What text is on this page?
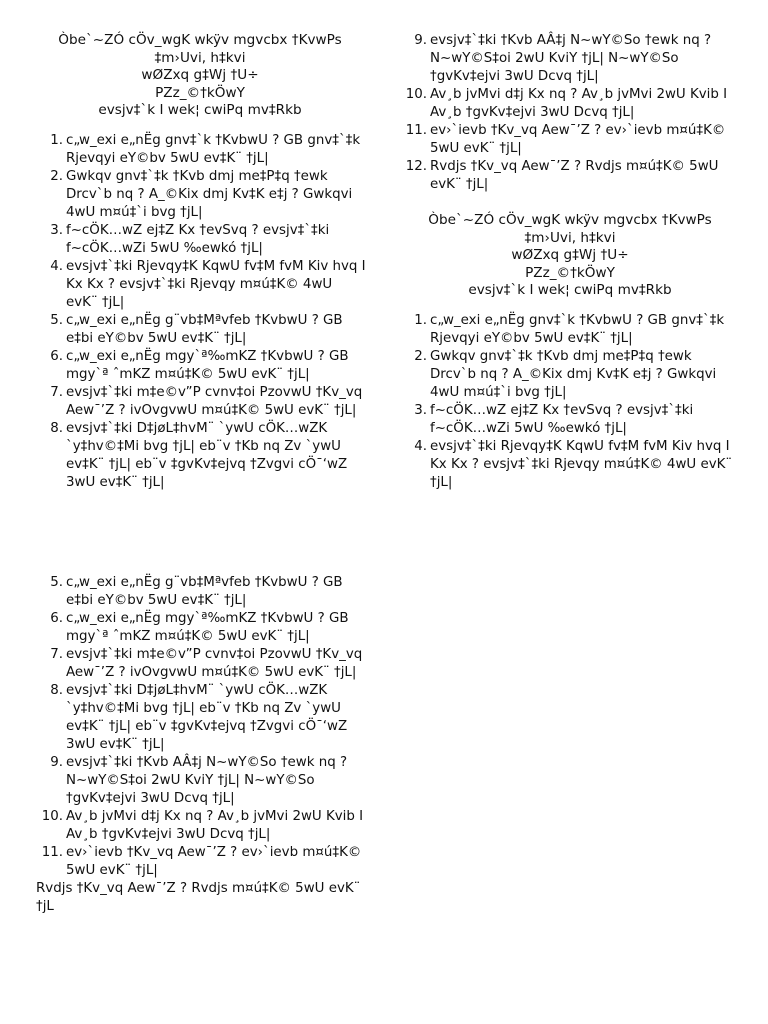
Òbe`~ZÓ cÖv_wgK wkÿv mgvcbx †KvwPs
‡m›Uvi, h‡kvi
wØZxq g‡Wj †U÷
PZz_©†kÖwY
evsjv‡`k I wek¦ cwiPq mv‡Rkb
1. c„w_exi e„nËg gnv‡`k †KvbwU ? GB gnv‡`‡k Rjevqyi eY©bv 5wU ev‡K¨ †jL|
2. Gwkqv gnv‡`‡k †Kvb dmj me‡P‡q †ewk Drcv`b nq ? A_©Kix dmj Kv‡K e‡j ? Gwkqvi 4wU m¤ú‡`i bvg †jL|
3. f~cÖK…wZ ej‡Z Kx †evSvq ? evsjv‡`‡ki f~cÖK…wZi 5wU ‰ewkó †jL|
4. evsjv‡`‡ki Rjevqy‡K KqwU fv‡M fvM Kiv hvq I Kx Kx ? evsjv‡`‡ki Rjevqy m¤ú‡K© 4wU evK¨ †jL|
5. c„w_exi e„nËg g¨vb‡Mªvfeb †KvbwU ? GB e‡bi eY©bv 5wU ev‡K¨ †jL|
6. c„w_exi e„nËg mgy`ª‰mKZ †KvbwU ? GB mgy`ª ˆmKZ m¤ú‡K© 5wU evK¨ †jL|
7. evsjv‡`‡ki m‡e©v”P cvnv‡oi PzovwU †Kv_vq Aew¯’Z ? ivOvgvwU m¤ú‡K© 5wU evK¨ †jL|
8. evsjv‡`‡ki D‡jøL‡hvM¨ `ywU cÖK…wZK `y‡hv©‡Mi bvg †jL| eb¨v †Kb nq Zv `ywU ev‡K¨ †jL| eb¨v ‡gvKv‡ejvq †Zvgvi cÖ¯‘wZ 3wU ev‡K¨ †jL|
9. evsjv‡`‡ki †Kvb AÂ‡j N~wY©So †ewk nq ? N~wY©S‡oi 2wU KviY †jL| N~wY©So †gvKv‡ejvi 3wU Dcvq †jL|
10. Av¸b jvMvi d‡j Kx nq ? Av¸b jvMvi 2wU Kvib I Av¸b †gvKv‡ejvi 3wU Dcvq †jL|
11. ev›`ievb †Kv_vq Aew¯’Z ? ev›`ievb m¤ú‡K© 5wU evK¨ †jL|
12. Rvdjs †Kv_vq Aew¯’Z ? Rvdjs m¤ú‡K© 5wU evK¨ †jL|
Òbe`~ZÓ cÖv_wgK wkÿv mgvcbx †KvwPs
‡m›Uvi, h‡kvi
wØZxq g‡Wj †U÷
PZz_©†kÖwY
evsjv‡`k I wek¦ cwiPq mv‡Rkb
1. c„w_exi e„nËg gnv‡`k †KvbwU ? GB gnv‡`‡k Rjevqyi eY©bv 5wU ev‡K¨ †jL|
2. Gwkqv gnv‡`‡k †Kvb dmj me‡P‡q †ewk Drcv`b nq ? A_©Kix dmj Kv‡K e‡j ? Gwkqvi 4wU m¤ú‡`i bvg †jL|
3. f~cÖK…wZ ej‡Z Kx †evSvq ? evsjv‡`‡ki f~cÖK…wZi 5wU ‰ewkó †jL|
4. evsjv‡`‡ki Rjevqy‡K KqwU fv‡M fvM Kiv hvq I Kx Kx ? evsjv‡`‡ki Rjevqy m¤ú‡K© 4wU evK¨ †jL|
5. c„w_exi e„nËg g¨vb‡Mªvfeb †KvbwU ? GB e‡bi eY©bv 5wU ev‡K¨ †jL|
6. c„w_exi e„nËg mgy`ª‰mKZ †KvbwU ? GB mgy`ª ˆmKZ m¤ú‡K© 5wU evK¨ †jL|
7. evsjv‡`‡ki m‡e©v”P cvnv‡oi PzovwU †Kv_vq Aew¯’Z ? ivOvgvwU m¤ú‡K© 5wU evK¨ †jL|
8. evsjv‡`‡ki D‡jøL‡hvM¨ `ywU cÖK…wZK `y‡hv©‡Mi bvg †jL| eb¨v †Kb nq Zv `ywU ev‡K¨ †jL| eb¨v ‡gvKv‡ejvq †Zvgvi cÖ¯‘wZ 3wU ev‡K¨ †jL|
9. evsjv‡`‡ki †Kvb AÂ‡j N~wY©So †ewk nq ? N~wY©S‡oi 2wU KviY †jL| N~wY©So †gvKv‡ejvi 3wU Dcvq †jL|
10. Av¸b jvMvi d‡j Kx nq ? Av¸b jvMvi 2wU Kvib I Av¸b †gvKv‡ejvi 3wU Dcvq †jL|
11. ev›`ievb †Kv_vq Aew¯’Z ? ev›`ievb m¤ú‡K© 5wU evK¨ †jL|
Rvdjs †Kv_vq Aew¯’Z ? Rvdjs m¤ú‡K© 5wU evK¨ †jL
